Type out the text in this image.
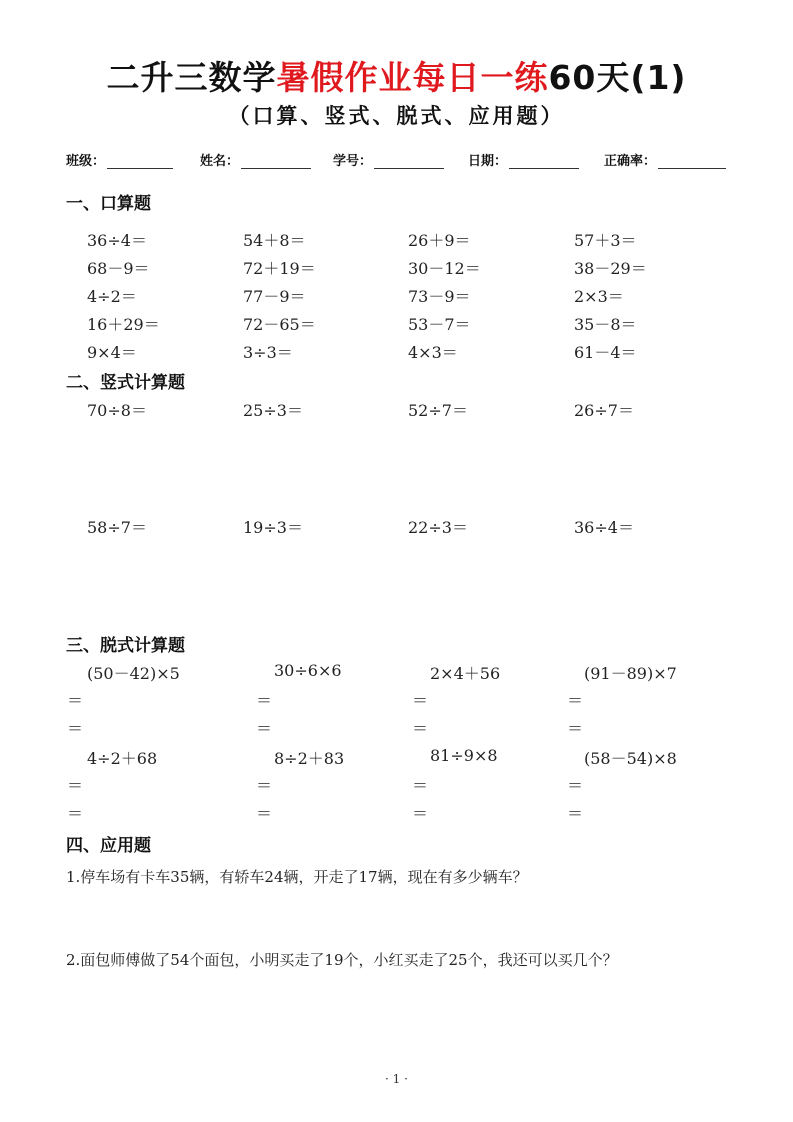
二升三数学暑假作业每日一练60天(1)
（口算、竖式、脱式、应用题）
班级：	姓名：	学号：	日期：	正确率：
一、口算题
36÷4＝	54＋8＝	26＋9＝	57＋3＝
68－9＝	72＋19＝	30－12＝	38－29＝
4÷2＝	77－9＝	73－9＝	2×3＝
16＋29＝	72－65＝	53－7＝	35－8＝
9×4＝	3÷3＝	4×3＝	61－4＝
二、竖式计算题
70÷8＝	25÷3＝	52÷7＝	26÷7＝
58÷7＝	19÷3＝	22÷3＝	36÷4＝
三、脱式计算题
(50－42)×5	30÷6×6	2×4＋56	(91－89)×7
＝	＝	＝	＝
＝	＝	＝	＝
4÷2＋68	8÷2＋83	81÷9×8	(58－54)×8
＝	＝	＝	＝
＝	＝	＝	＝
四、应用题
1.停车场有卡车35辆，有轿车24辆，开走了17辆，现在有多少辆车？
2.面包师傅做了54个面包，小明买走了19个，小红买走了25个，我还可以买几个？
· 1 ·
